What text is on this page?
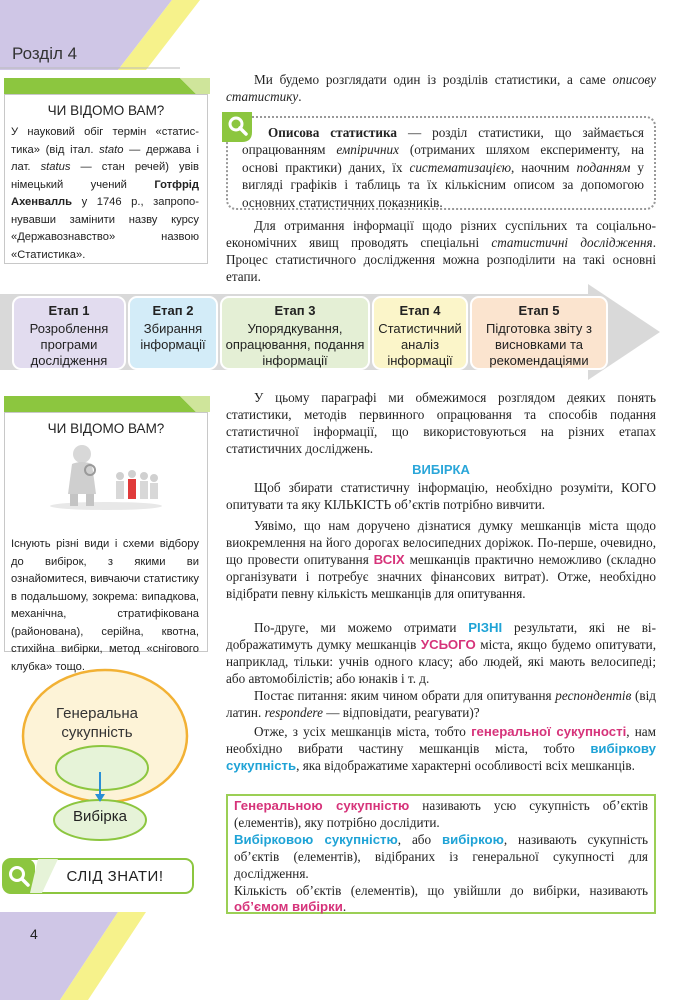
Розділ 4
ЧИ ВІДОМО ВАМ?
У науковий обіг термін «статистика» (від італ. stato — держава і лат. status — стан речей) увів німецький учений Готфрід Ахенвалль у 1746 р., запропонувавши замінити назву курсу «Державознавство» назвою «Статистика».

Ми будемо розглядати один із розділів статистики, а саме описову статистику.

Описова статистика — розділ статистики, що займається опрацюванням емпіричних (отриманих шляхом експерименту, на основі практики) даних, їх систематизацією, наочним поданням у вигляді графіків і таблиць та їх кількісним описом за допомогою основних статистичних показників.

Для отримання інформації щодо різних суспільних та соціально-економічних явищ проводять спеціальні статистичні дослідження. Процес статистичного дослідження можна розподілити на такі основні етапи.

Етап 1
Розроблення програми дослідження
Етап 2
Збирання інформації
Етап 3
Упорядкування, опрацювання, подання інформації
Етап 4
Статистичний аналіз інформації
Етап 5
Підготовка звіту з висновками та рекомендаціями
ЧИ ВІДОМО ВАМ?
Існують різні види і схеми відбору до вибірок, з якими ви ознайомитеся, вивчаючи статистику в подальшому, зокрема: випадкова, механічна, стратифікована (районована), серійна, квотна, стихійна вибірки, метод «снігового клубка» тощо.

У цьому параграфі ми обмежимося розглядом деяких понять статистики, методів первинного опрацювання та способів подання статистичної інформації, що використовуються на різних етапах статистичних досліджень.

ВИБІРКА

Щоб збирати статистичну інформацію, необхідно розуміти, КОГО опитувати та яку КІЛЬКІСТЬ об’єктів потрібно вивчити.

Уявімо, що нам доручено дізнатися думку мешканців міста щодо виокремлення на його дорогах велосипедних доріжок. По-перше, очевидно, що провести опитування ВСІХ мешканців практично неможливо (складно організувати і потребує значних фінансових витрат). Отже, необхідно відібрати певну кількість мешканців для опитування.

По-друге, ми можемо отримати РІЗНІ результати, які не відображатимуть думку мешканців УСЬОГО міста, якщо будемо опитувати, наприклад, тільки: учнів одного класу; або людей, які мають велосипеді; або автомобілістів; або юнаків і т. д.

Постає питання: яким чином обрати для опитування респондентів (від латин. respondere — відповідати, реагувати)?

Отже, з усіх мешканців міста, тобто генеральної сукупності, нам необхідно вибрати частину мешканців міста, тобто вибіркову сукупність, яка відображатиме характерні особливості всіх мешканців.

Генеральною сукупністю називають усю сукупність об’єктів (елементів), яку потрібно дослідити.

Вибірковою сукупністю, або вибіркою, називають сукупність об’єктів (елементів), відібраних із генеральної сукупності для дослідження.

Кількість об’єктів (елементів), що увійшли до вибірки, називають об’ємом вибірки.

Генеральна сукупність
Вибірка
СЛІД ЗНАТИ!
4
